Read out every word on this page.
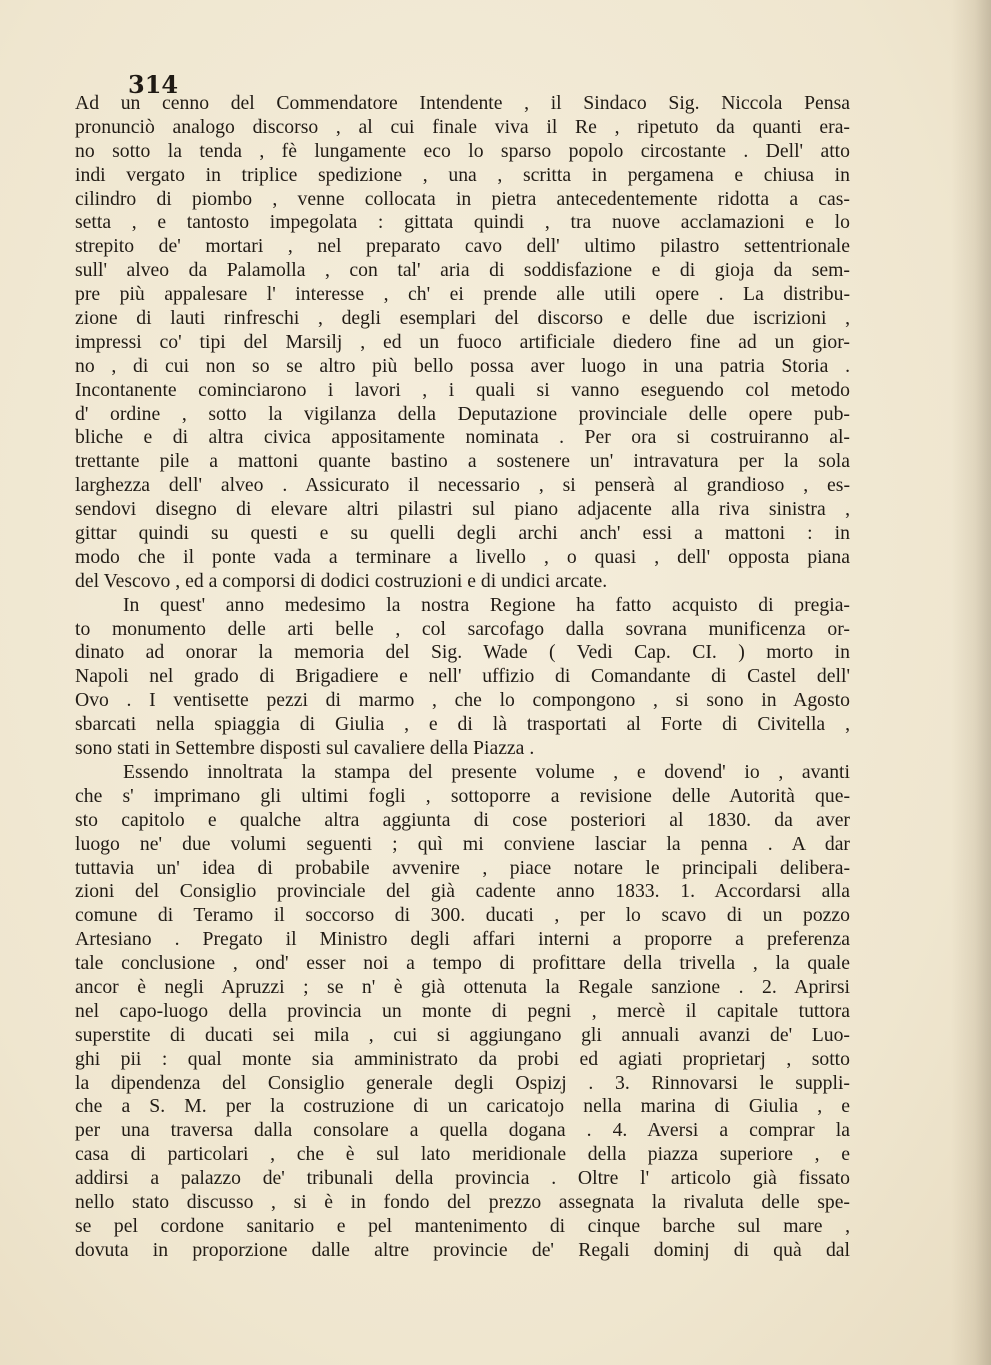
314

Ad un cenno del Commendatore Intendente , il Sindaco Sig. Niccola Pensa
pronunciò analogo discorso , al cui finale viva il Re , ripetuto da quanti era-
no sotto la tenda , fè lungamente eco lo sparso popolo circostante . Dell' atto
indi vergato in triplice spedizione , una , scritta in pergamena e chiusa in
cilindro di piombo , venne collocata in pietra antecedentemente ridotta a cas-
setta , e tantosto impegolata : gittata quindi , tra nuove acclamazioni e lo
strepito de' mortari , nel preparato cavo dell' ultimo pilastro settentrionale
sull' alveo da Palamolla , con tal' aria di soddisfazione e di gioja da sem-
pre più appalesare l' interesse , ch' ei prende alle utili opere . La distribu-
zione di lauti rinfreschi , degli esemplari del discorso e delle due iscrizioni ,
impressi co' tipi del Marsilj , ed un fuoco artificiale diedero fine ad un gior-
no , di cui non so se altro più bello possa aver luogo in una patria Storia .
Incontanente cominciarono i lavori , i quali si vanno eseguendo col metodo
d' ordine , sotto la vigilanza della Deputazione provinciale delle opere pub-
bliche e di altra civica appositamente nominata . Per ora si costruiranno al-
trettante pile a mattoni quante bastino a sostenere un' intravatura per la sola
larghezza dell' alveo . Assicurato il necessario , si penserà al grandioso , es-
sendovi disegno di elevare altri pilastri sul piano adjacente alla riva sinistra ,
gittar quindi su questi e su quelli degli archi anch' essi a mattoni : in
modo che il ponte vada a terminare a livello , o quasi , dell' opposta piana
del Vescovo , ed a comporsi di dodici costruzioni e di undici arcate.
In quest' anno medesimo la nostra Regione ha fatto acquisto di pregia-
to monumento delle arti belle , col sarcofago dalla sovrana munificenza or-
dinato ad onorar la memoria del Sig. Wade ( Vedi Cap. CI. ) morto in
Napoli nel grado di Brigadiere e nell' uffizio di Comandante di Castel dell'
Ovo . I ventisette pezzi di marmo , che lo compongono , si sono in Agosto
sbarcati nella spiaggia di Giulia , e di là trasportati al Forte di Civitella ,
sono stati in Settembre disposti sul cavaliere della Piazza .
Essendo innoltrata la stampa del presente volume , e dovend' io , avanti
che s' imprimano gli ultimi fogli , sottoporre a revisione delle Autorità que-
sto capitolo e qualche altra aggiunta di cose posteriori al 1830. da aver
luogo ne' due volumi seguenti ; quì mi conviene lasciar la penna . A dar
tuttavia un' idea di probabile avvenire , piace notare le principali delibera-
zioni del Consiglio provinciale del già cadente anno 1833. 1. Accordarsi alla
comune di Teramo il soccorso di 300. ducati , per lo scavo di un pozzo
Artesiano . Pregato il Ministro degli affari interni a proporre a preferenza
tale conclusione , ond' esser noi a tempo di profittare della trivella , la quale
ancor è negli Apruzzi ; se n' è già ottenuta la Regale sanzione . 2. Aprirsi
nel capo-luogo della provincia un monte di pegni , mercè il capitale tuttora
superstite di ducati sei mila , cui si aggiungano gli annuali avanzi de' Luo-
ghi pii : qual monte sia amministrato da probi ed agiati proprietarj , sotto
la dipendenza del Consiglio generale degli Ospizj . 3. Rinnovarsi le suppli-
che a S. M. per la costruzione di un caricatojo nella marina di Giulia , e
per una traversa dalla consolare a quella dogana . 4. Aversi a comprar la
casa di particolari , che è sul lato meridionale della piazza superiore , e
addirsi a palazzo de' tribunali della provincia . Oltre l' articolo già fissato
nello stato discusso , si è in fondo del prezzo assegnata la rivaluta delle spe-
se pel cordone sanitario e pel mantenimento di cinque barche sul mare ,
dovuta in proporzione dalle altre provincie de' Regali dominj di quà dal
